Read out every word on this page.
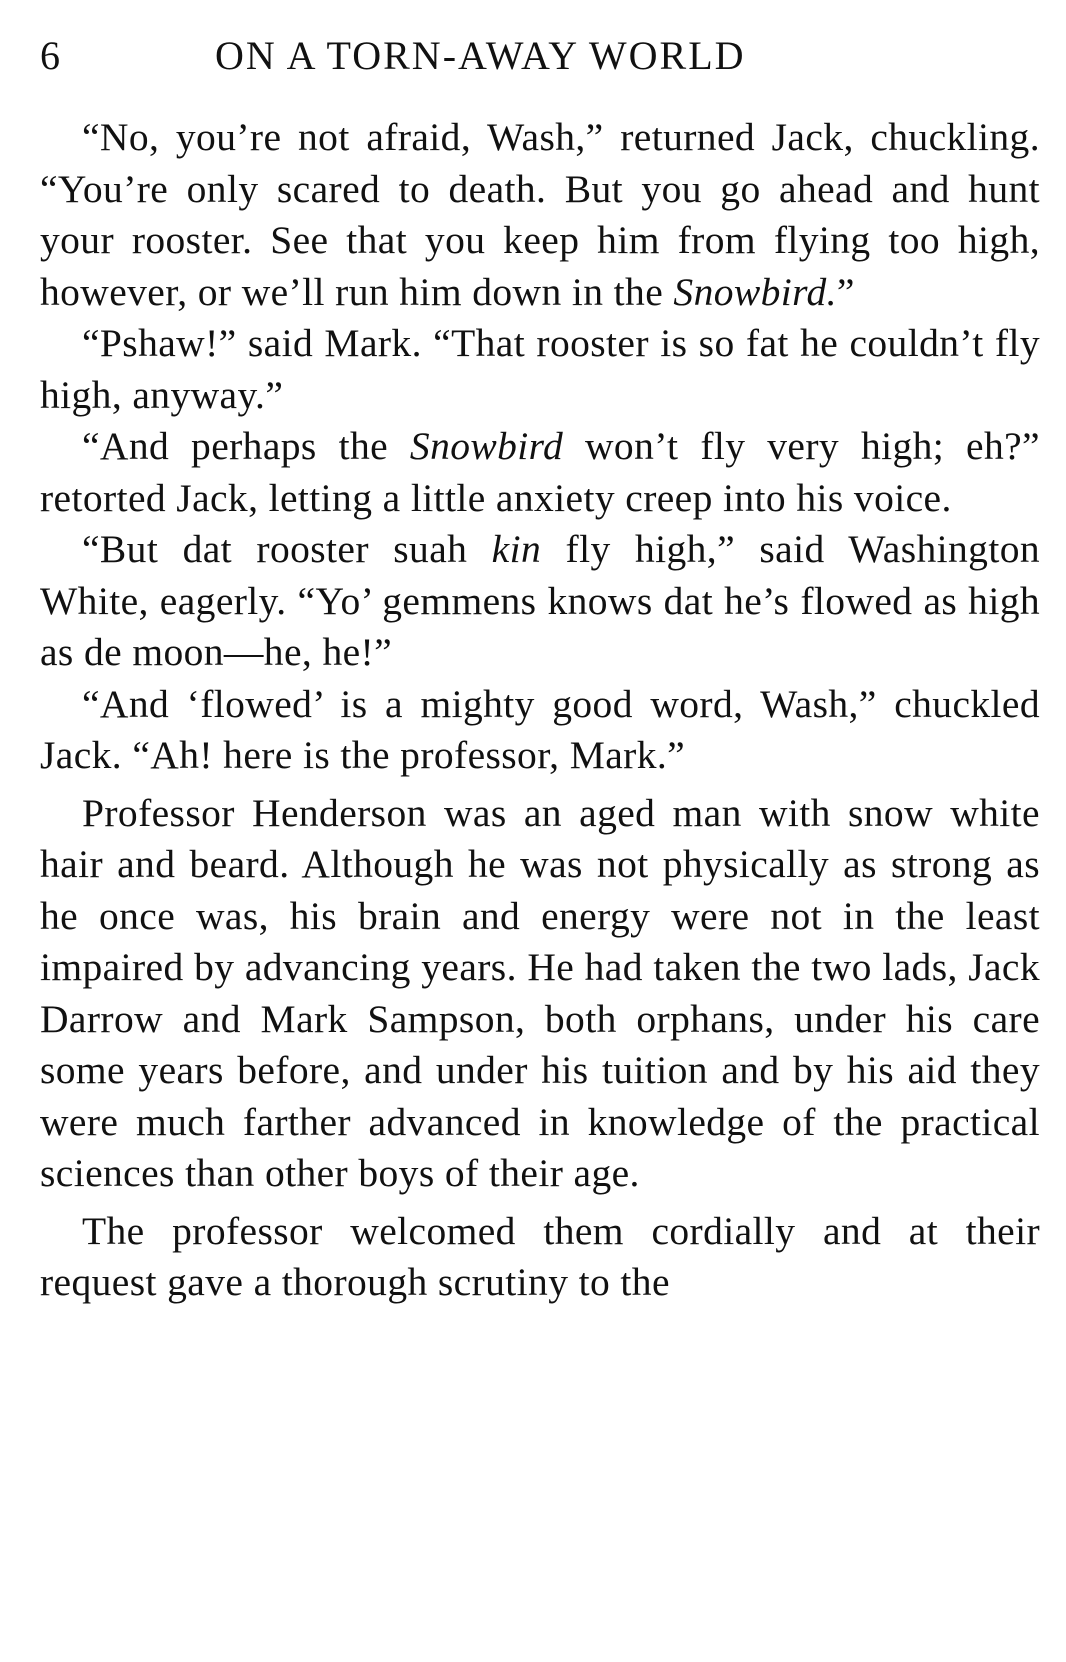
6	ON A TORN-AWAY WORLD

“No, you’re not afraid, Wash,” returned Jack, chuckling. “You’re only scared to death. But you go ahead and hunt your rooster. See that you keep him from flying too high, however, or we’ll run him down in the Snowbird.”

“Pshaw!” said Mark. “That rooster is so fat he couldn’t fly high, anyway.”

“And perhaps the Snowbird won’t fly very high; eh?” retorted Jack, letting a little anxiety creep into his voice.

“But dat rooster suah kin fly high,” said Washington White, eagerly. “Yo’ gemmens knows dat he’s flowed as high as de moon—he, he!”

“And ‘flowed’ is a mighty good word, Wash,” chuckled Jack. “Ah! here is the professor, Mark.”

Professor Henderson was an aged man with snow white hair and beard. Although he was not physically as strong as he once was, his brain and energy were not in the least impaired by advancing years. He had taken the two lads, Jack Darrow and Mark Sampson, both orphans, under his care some years before, and under his tuition and by his aid they were much farther advanced in knowledge of the practical sciences than other boys of their age.

The professor welcomed them cordially and at their request gave a thorough scrutiny to the
